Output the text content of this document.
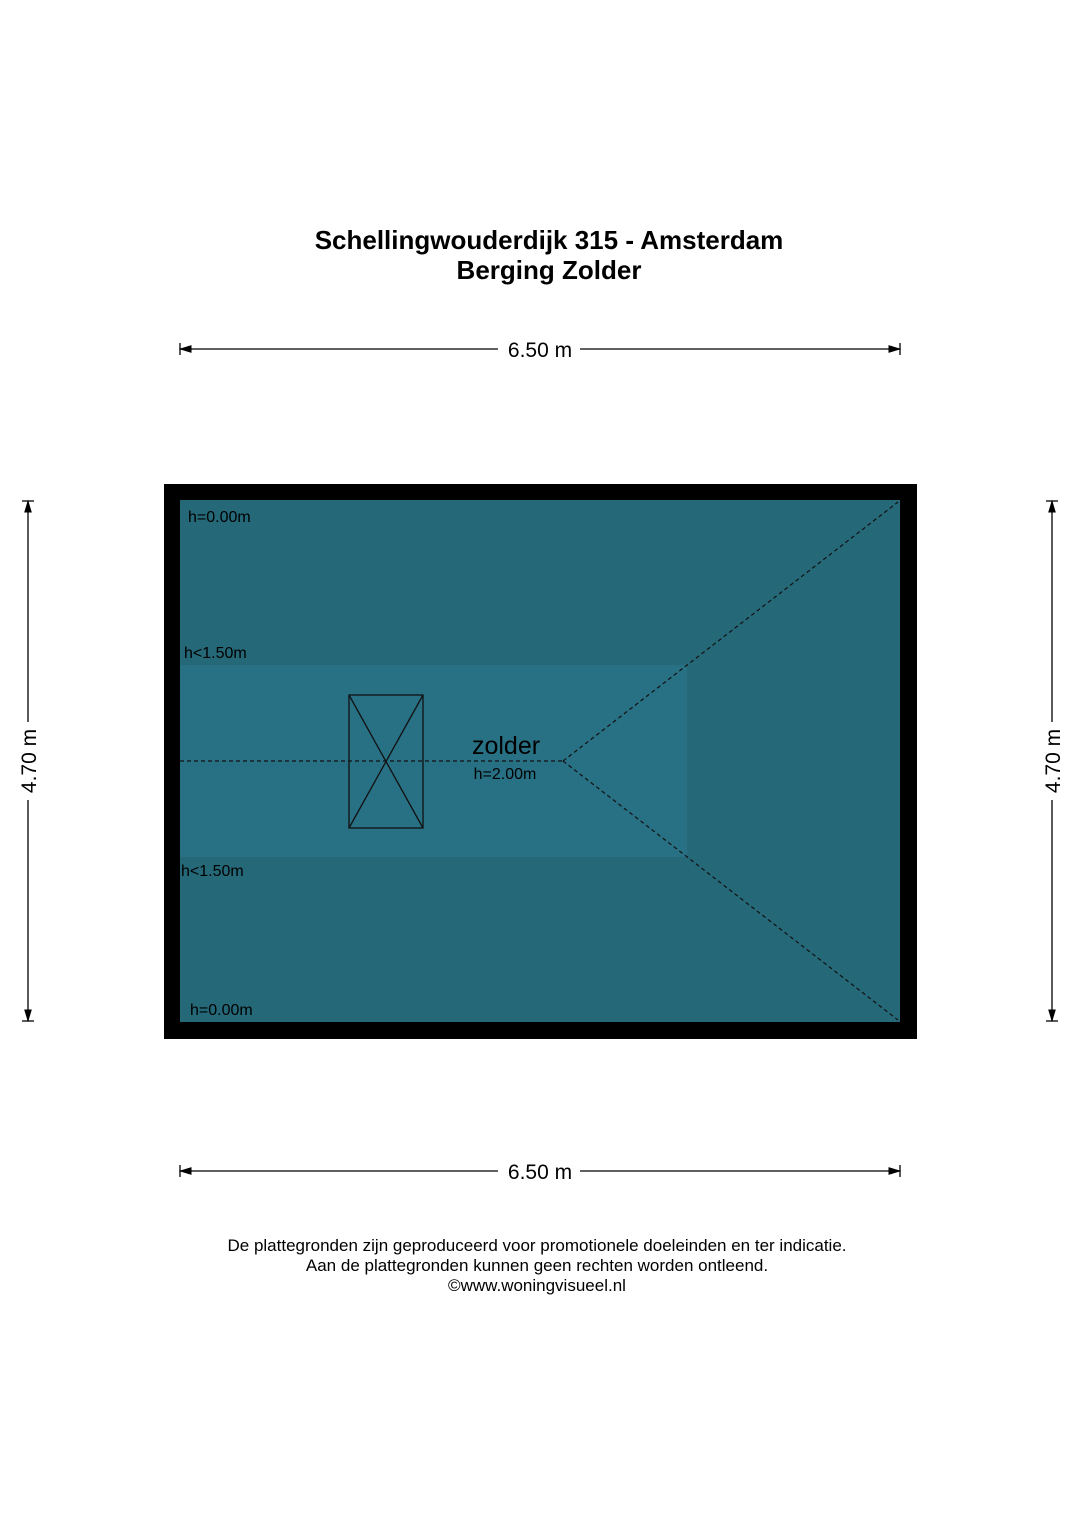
Schellingwouderdijk 315 - Amsterdam
Berging Zolder
6.50 m
6.50 m
4.70 m	4.70 m
zolder
h=2.00m
h=0.00m
h<1.50m
h<1.50m
h=0.00m
De plattegronden zijn geproduceerd voor promotionele doeleinden en ter indicatie.
Aan de plattegronden kunnen geen rechten worden ontleend.
©www.woningvisueel.nl
